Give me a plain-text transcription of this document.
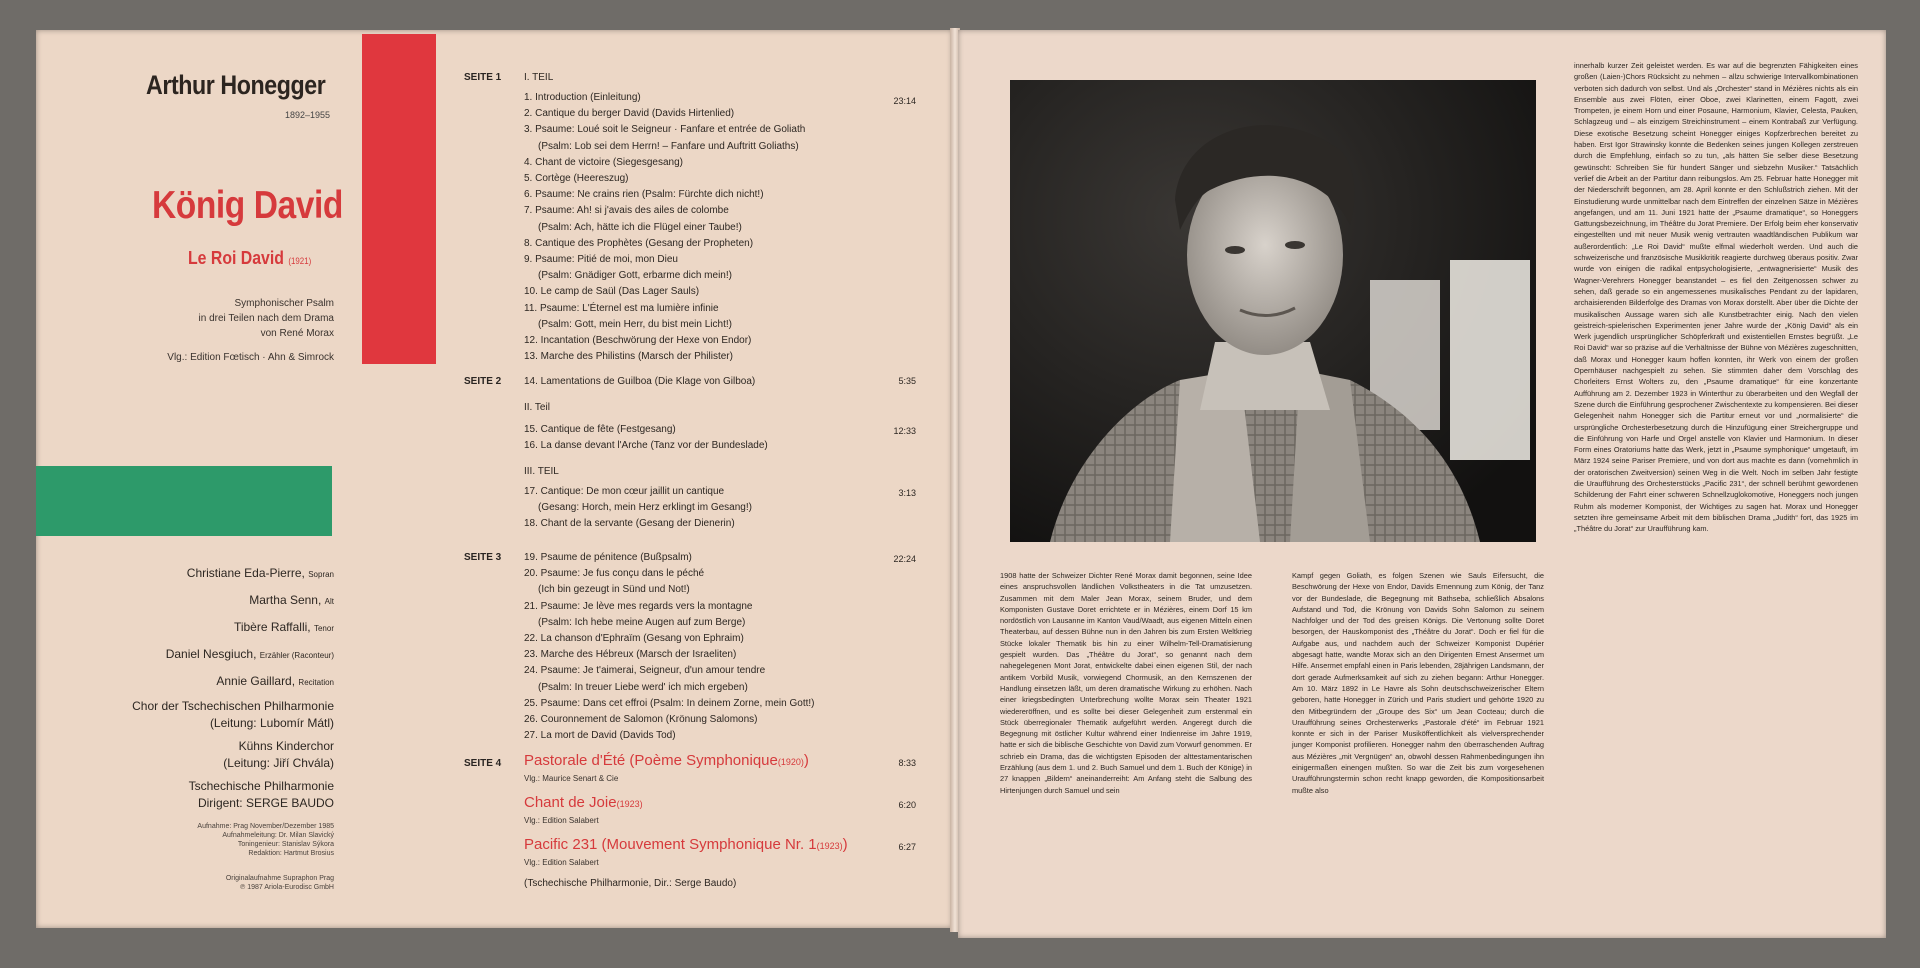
Arthur Honegger
1892–1955
König David
Le Roi David (1921)
Symphonischer Psalm
in drei Teilen nach dem Drama
von René Morax
Vlg.: Edition Fœtisch · Ahn & Simrock
Christiane Eda-Pierre, Sopran
Martha Senn, Alt
Tibère Raffalli, Tenor
Daniel Nesgiuch, Erzähler (Raconteur)
Annie Gaillard, Recitation
Chor der Tschechischen Philharmonie
(Leitung: Lubomír Mátl)
Kühns Kinderchor
(Leitung: Jiří Chvála)
Tschechische Philharmonie
Dirigent: SERGE BAUDO
Aufnahme: Prag November/Dezember 1985
Aufnahmeleitung: Dr. Milan Slavický
Toningenieur: Stanislav Sýkora
Redaktion: Hartmut Brosius
Originalaufnahme Supraphon Prag
℗ 1987 Ariola-Eurodisc GmbH
SEITE 1 I. TEIL
23:14
1. Introduction (Einleitung)
2. Cantique du berger David (Davids Hirtenlied)
3. Psaume: Loué soit le Seigneur · Fanfare et entrée de Goliath
(Psalm: Lob sei dem Herrn! – Fanfare und Auftritt Goliaths)
4. Chant de victoire (Siegesgesang)
5. Cortège (Heereszug)
6. Psaume: Ne crains rien (Psalm: Fürchte dich nicht!)
7. Psaume: Ah! si j'avais des ailes de colombe
(Psalm: Ach, hätte ich die Flügel einer Taube!)
8. Cantique des Prophètes (Gesang der Propheten)
9. Psaume: Pitié de moi, mon Dieu
(Psalm: Gnädiger Gott, erbarme dich mein!)
10. Le camp de Saül (Das Lager Sauls)
11. Psaume: L'Éternel est ma lumière infinie
(Psalm: Gott, mein Herr, du bist mein Licht!)
12. Incantation (Beschwörung der Hexe von Endor)
13. Marche des Philistins (Marsch der Philister)
SEITE 2 14. Lamentations de Guilboa (Die Klage von Gilboa)	5:35
II. Teil
12:33
15. Cantique de fête (Festgesang)
16. La danse devant l'Arche (Tanz vor der Bundeslade)
III. TEIL
3:13
17. Cantique: De mon cœur jaillit un cantique
(Gesang: Horch, mein Herz erklingt im Gesang!)
18. Chant de la servante (Gesang der Dienerin)
SEITE 3	22:24
19. Psaume de pénitence (Bußpsalm)
20. Psaume: Je fus conçu dans le péché
(Ich bin gezeugt in Sünd und Not!)
21. Psaume: Je lève mes regards vers la montagne
(Psalm: Ich hebe meine Augen auf zum Berge)
22. La chanson d'Ephraïm (Gesang von Ephraim)
23. Marche des Hébreux (Marsch der Israeliten)
24. Psaume: Je t'aimerai, Seigneur, d'un amour tendre
(Psalm: In treuer Liebe werd' ich mich ergeben)
25. Psaume: Dans cet effroi (Psalm: In deinem Zorne, mein Gott!)
26. Couronnement de Salomon (Krönung Salomons)
27. La mort de David (Davids Tod)
SEITE 4 Pastorale d'Été (Poème Symphonique(1920))
Vlg.: Maurice Senart & Cie
8:33
Chant de Joie(1923)
Vlg.: Edition Salabert
6:20
Pacific 231 (Mouvement Symphonique Nr. 1(1923))
Vlg.: Edition Salabert
6:27
(Tschechische Philharmonie, Dir.: Serge Baudo)
1908 hatte der Schweizer Dichter René Morax damit begonnen, seine Idee eines anspruchsvollen ländlichen Volkstheaters in die Tat umzusetzen. Zusammen mit dem Maler Jean Morax, seinem Bruder, und dem Komponisten Gustave Doret errichtete er in Mézières, einem Dorf 15 km nordöstlich von Lausanne im Kanton Vaud/Waadt, aus eigenen Mitteln einen Theaterbau, auf dessen Bühne nun in den Jahren bis zum Ersten Weltkrieg Stücke lokaler Thematik bis hin zu einer Wilhelm-Tell-Dramatisierung gespielt wurden. Das „Théâtre du Jorat“, so genannt nach dem nahegelegenen Mont Jorat, entwickelte dabei einen eigenen Stil, der nach antikem Vorbild Musik, vorwiegend Chormusik, an den Kernszenen der Handlung einsetzen läßt, um deren dramatische Wirkung zu erhöhen. Nach einer kriegsbedingten Unterbrechung wollte Morax sein Theater 1921 wiedereröffnen, und es sollte bei dieser Gelegenheit zum erstenmal ein Stück überregionaler Thematik aufgeführt werden. Angeregt durch die Begegnung mit östlicher Kultur während einer Indienreise im Jahre 1919, hatte er sich die biblische Geschichte von David zum Vorwurf genommen. Er schrieb ein Drama, das die wichtigsten Episoden der alttestamentarischen Erzählung (aus dem 1. und 2. Buch Samuel und dem 1. Buch der Könige) in 27 knappen „Bildern“ aneinanderreiht: Am Anfang steht die Salbung des Hirtenjungen durch Samuel und sein
Kampf gegen Goliath, es folgen Szenen wie Sauls Eifersucht, die Beschwörung der Hexe von Endor, Davids Ernennung zum König, der Tanz vor der Bundeslade, die Begegnung mit Bathseba, schließlich Absalons Aufstand und Tod, die Krönung von Davids Sohn Salomon zu seinem Nachfolger und der Tod des greisen Königs. Die Vertonung sollte Doret besorgen, der Hauskomponist des „Théâtre du Jorat“. Doch er fiel für die Aufgabe aus, und nachdem auch der Schweizer Komponist Dupérier abgesagt hatte, wandte Morax sich an den Dirigenten Ernest Ansermet um Hilfe. Ansermet empfahl einen in Paris lebenden, 28jährigen Landsmann, der dort gerade Aufmerksamkeit auf sich zu ziehen begann: Arthur Honegger. Am 10. März 1892 in Le Havre als Sohn deutschschweizerischer Eltern geboren, hatte Honegger in Zürich und Paris studiert und gehörte 1920 zu den Mitbegründern der „Groupe des Six“ um Jean Cocteau; durch die Uraufführung seines Orchesterwerks „Pastorale d'été“ im Februar 1921 konnte er sich in der Pariser Musiköffentlichkeit als vielversprechender junger Komponist profilieren. Honegger nahm den überraschenden Auftrag aus Mézières „mit Vergnügen“ an, obwohl dessen Rahmenbedingungen ihn einigermaßen einengen mußten. So war die Zeit bis zum vorgesehenen Uraufführungstermin schon recht knapp geworden, die Kompositionsarbeit mußte also
innerhalb kurzer Zeit geleistet werden. Es war auf die begrenzten Fähigkeiten eines großen (Laien-)Chors Rücksicht zu nehmen – allzu schwierige Intervallkombinationen verboten sich dadurch von selbst. Und als „Orchester“ stand in Mézières nichts als ein Ensemble aus zwei Flöten, einer Oboe, zwei Klarinetten, einem Fagott, zwei Trompeten, je einem Horn und einer Posaune, Harmonium, Klavier, Celesta, Pauken, Schlagzeug und – als einzigem Streichinstrument – einem Kontrabaß zur Verfügung. Diese exotische Besetzung scheint Honegger einiges Kopfzerbrechen bereitet zu haben. Erst Igor Strawinsky konnte die Bedenken seines jungen Kollegen zerstreuen durch die Empfehlung, einfach so zu tun, „als hätten Sie selber diese Besetzung gewünscht: Schreiben Sie für hundert Sänger und siebzehn Musiker.“ Tatsächlich verlief die Arbeit an der Partitur dann reibungslos. Am 25. Februar hatte Honegger mit der Niederschrift begonnen, am 28. April konnte er den Schlußstrich ziehen. Mit der Einstudierung wurde unmittelbar nach dem Eintreffen der einzelnen Sätze in Mézières angefangen, und am 11. Juni 1921 hatte der „Psaume dramatique“, so Honeggers Gattungsbezeichnung, im Théâtre du Jorat Premiere. Der Erfolg beim eher konservativ eingestellten und mit neuer Musik wenig vertrauten waadtländischen Publikum war außerordentlich: „Le Roi David“ mußte elfmal wiederholt werden. Und auch die schweizerische und französische Musikkritik reagierte durchweg überaus positiv. Zwar wurde von einigen die radikal entpsychologisierte, „entwagnerisierte“ Musik des Wagner-Verehrers Honegger beanstandet – es fiel den Zeitgenossen schwer zu sehen, daß gerade so ein angemessenes musikalisches Pendant zu der lapidaren, archaisierenden Bilderfolge des Dramas von Morax dorstellt. Aber über die Dichte der musikalischen Aussage waren sich alle Kunstbetrachter einig. Nach den vielen geistreich-spielerischen Experimenten jener Jahre wurde der „König David“ als ein Werk jugendlich ursprünglicher Schöpferkraft und existentiellen Ernstes begrüßt. „Le Roi David“ war so präzise auf die Verhältnisse der Bühne von Mézières zugeschnitten, daß Morax und Honegger kaum hoffen konnten, ihr Werk von einem der großen Opernhäuser nachgespielt zu sehen. Sie stimmten daher dem Vorschlag des Chorleiters Ernst Wolters zu, den „Psaume dramatique“ für eine konzertante Aufführung am 2. Dezember 1923 in Winterthur zu überarbeiten und den Wegfall der Szene durch die Einführung gesprochener Zwischentexte zu kompensieren. Bei dieser Gelegenheit nahm Honegger sich die Partitur erneut vor und „normalisierte“ die ursprüngliche Orchesterbesetzung durch die Hinzufügung einer Streichergruppe und die Einführung von Harfe und Orgel anstelle von Klavier und Harmonium. In dieser Form eines Oratoriums hatte das Werk, jetzt in „Psaume symphonique“ umgetauft, im März 1924 seine Pariser Premiere, und von dort aus machte es dann (vornehmlich in der oratorischen Zweitversion) seinen Weg in die Welt. Noch im selben Jahr festigte die Uraufführung des Orchesterstücks „Pacific 231“, der schnell berühmt gewordenen Schilderung der Fahrt einer schweren Schnellzuglokomotive, Honeggers noch jungen Ruhm als moderner Komponist, der Wichtiges zu sagen hat. Morax und Honegger setzten ihre gemeinsame Arbeit mit dem biblischen Drama „Judith“ fort, das 1925 im „Théâtre du Jorat“ zur Uraufführung kam.
